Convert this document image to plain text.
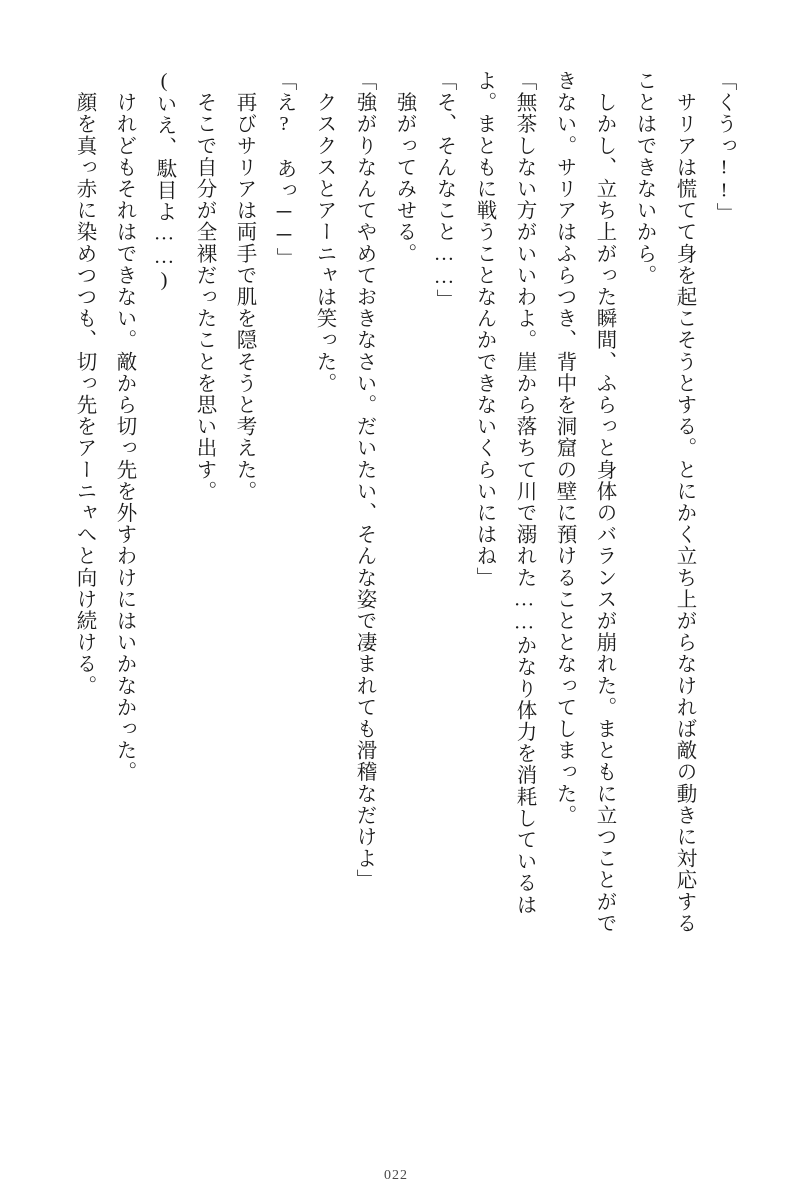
「くうっ!!」
　サリアは慌てて身を起こそうとする。とにかく立ち上がらなければ敵の動きに対応する
ことはできないから。
　しかし、立ち上がった瞬間、ふらっと身体のバランスが崩れた。まともに立つことがで
きない。サリアはふらつき、背中を洞窟の壁に預けることとなってしまった。
「無茶しない方がいいわよ。崖から落ちて川で溺れた……かなり体力を消耗しているは
よ。まともに戦うことなんかできないくらいにはね」
「そ、そんなこと……」
　強がってみせる。
「強がりなんてやめておきなさい。だいたい、そんな姿で凄まれても滑稽なだけよ」
　クスクスとアーニャは笑った。
「え?　あっ──」
　再びサリアは両手で肌を隠そうと考えた。
　そこで自分が全裸だったことを思い出す。
(いえ、駄目よ……)
　けれどもそれはできない。敵から切っ先を外すわけにはいかなかった。
　顔を真っ赤に染めつつも、切っ先をアーニャへと向け続ける。
022
